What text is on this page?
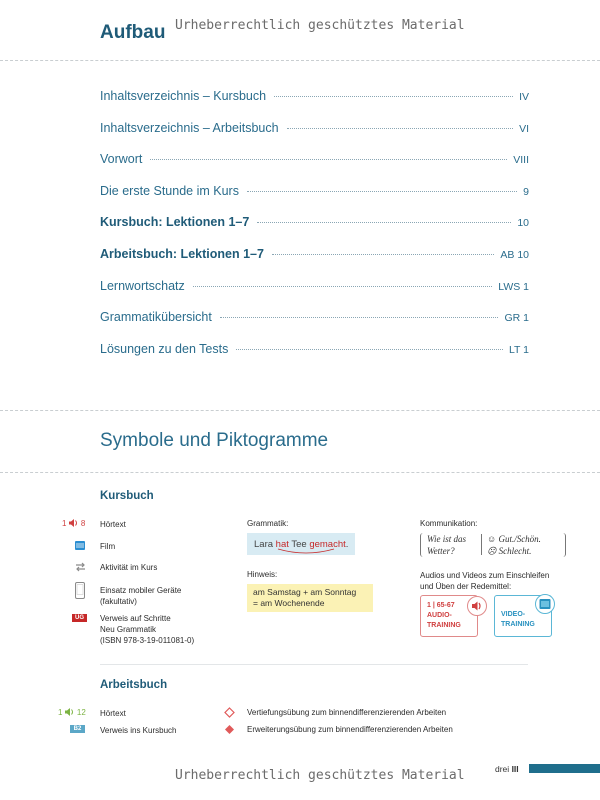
Aufbau Urheberrechtlich geschütztes Material
Inhaltsverzeichnis – Kursbuch	IV
Inhaltsverzeichnis – Arbeitsbuch	VI
Vorwort	VIII
Die erste Stunde im Kurs	9
Kursbuch: Lektionen 1–7	10
Arbeitsbuch: Lektionen 1–7	AB 10
Lernwortschatz	LWS 1
Grammatikübersicht	GR 1
Lösungen zu den Tests	LT 1
Symbole und Piktogramme
Kursbuch
1 8 Hörtext
Film
Aktivität im Kurs
Einsatz mobiler Geräte
(fakultativ)
UG	Verweis auf Schritte
Neu Grammatik
(ISBN 978-3-19-011081-0)
Grammatik:
Lara hat Tee gemacht .
Hinweis:
am Samstag + am Sonntag
= am Wochenende
Kommunikation:
Wie ist das
Wetter?
☺ Gut./Schön.
☹ Schlecht.
Audios und Videos zum Einschleifen
und Üben der Redemittel:
1 | 65-67
AUDIO-
TRAINING
VIDEO-
TRAINING
Arbeitsbuch
1 12 Hörtext
B2	Verweis ins Kursbuch
Vertiefungsübung zum binnendifferenzierenden Arbeiten
Erweiterungsübung zum binnendifferenzierenden Arbeiten
drei III
Urheberrechtlich geschütztes Material
